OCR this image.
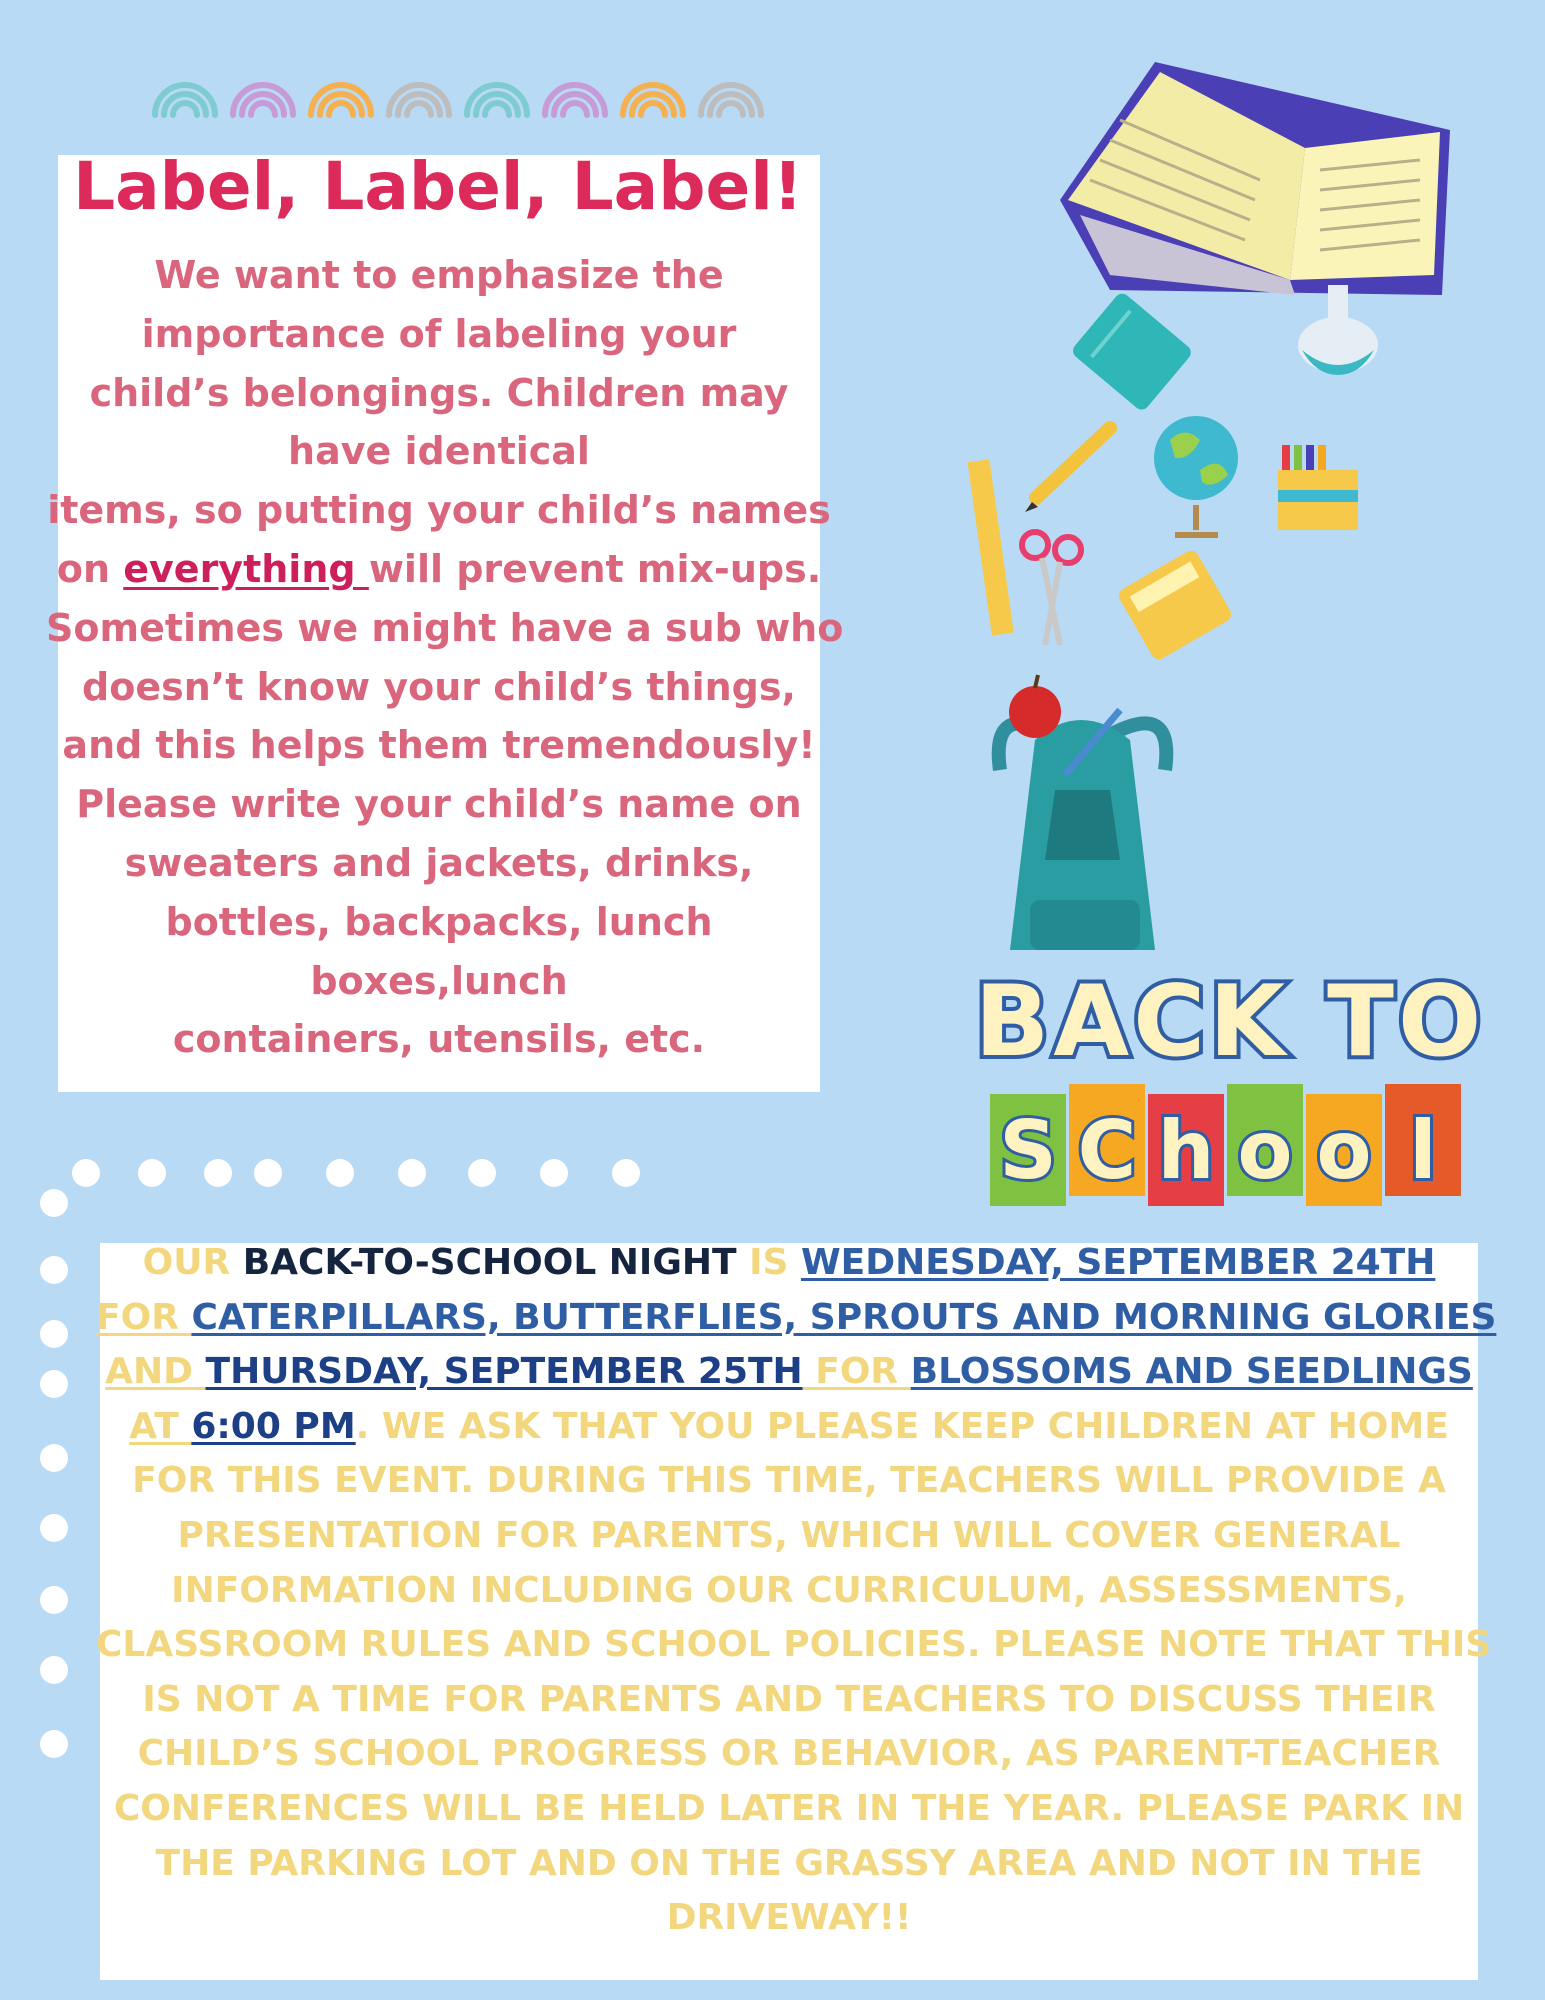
Label, Label, Label!
We want to emphasize the
importance of labeling your
child’s belongings. Children may
have identical
items, so putting your child’s names
on everything will prevent mix-ups.
Sometimes we might have a sub who
doesn’t know your child’s things,
and this helps them tremendously!
Please write your child’s name on
sweaters and jackets, drinks,
bottles, backpacks, lunch
boxes,lunch
containers, utensils, etc.	BACK TO
S C h o o l
OUR BACK-TO-SCHOOL NIGHT IS WEDNESDAY, SEPTEMBER 24TH
FOR CATERPILLARS, BUTTERFLIES, SPROUTS AND MORNING GLORIES
AND THURSDAY, SEPTEMBER 25TH FOR BLOSSOMS AND SEEDLINGS
AT 6:00 PM. WE ASK THAT YOU PLEASE KEEP CHILDREN AT HOME
FOR THIS EVENT. DURING THIS TIME, TEACHERS WILL PROVIDE A
PRESENTATION FOR PARENTS, WHICH WILL COVER GENERAL
INFORMATION INCLUDING OUR CURRICULUM, ASSESSMENTS,
CLASSROOM RULES AND SCHOOL POLICIES. PLEASE NOTE THAT THIS
IS NOT A TIME FOR PARENTS AND TEACHERS TO DISCUSS THEIR
CHILD’S SCHOOL PROGRESS OR BEHAVIOR, AS PARENT-TEACHER
CONFERENCES WILL BE HELD LATER IN THE YEAR. PLEASE PARK IN
THE PARKING LOT AND ON THE GRASSY AREA AND NOT IN THE
DRIVEWAY!!
